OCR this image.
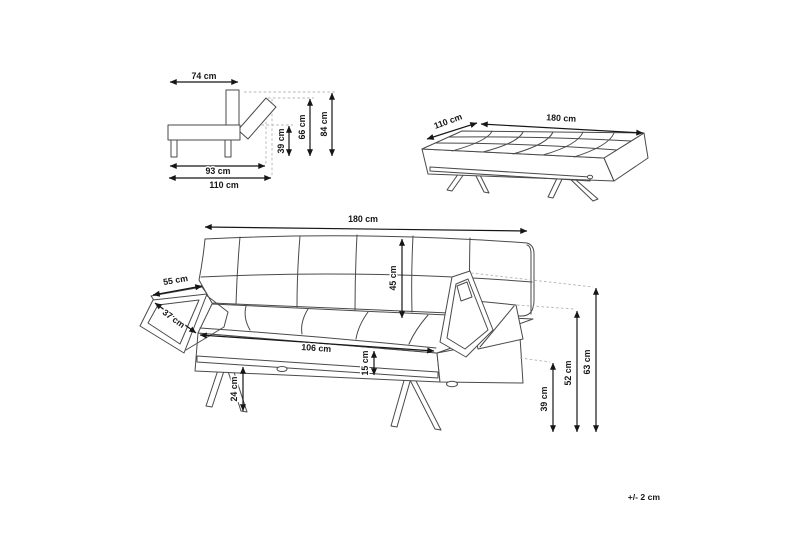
74 cm
84 cm
66 cm
39 cm
93 cm
110 cm
110 cm	180 cm
180 cm
45 cm
55 cm
37 cm
106 cm
15 cm
24 cm	39 cm
52 cm 63 cm
+/- 2 cm
